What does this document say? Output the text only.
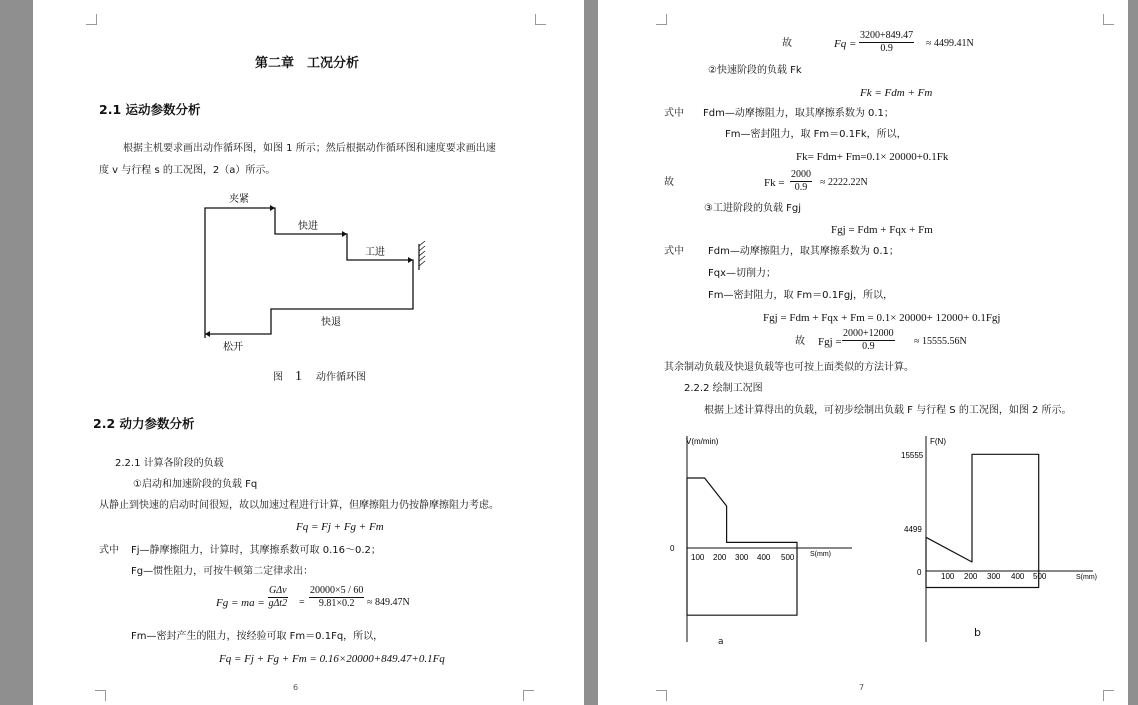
第二章　工况分析
2.1 运动参数分析
根据主机要求画出动作循环图，如图 1 所示；然后根据动作循环图和速度要求画出速
度 v 与行程 s 的工况图，2（a）所示。
夹紧
快进
工进
快退
松开
图 1 动作循环图
2.2 动力参数分析
2.2.1 计算各阶段的负载
①启动和加速阶段的负载 Fq
从静止到快速的启动时间很短，故以加速过程进行计算，但摩擦阻力仍按静摩擦阻力考虑。
Fq = Fj + Fg + Fm
式中 Fj—静摩擦阻力，计算时，其摩擦系数可取 0.16～0.2；
Fg—惯性阻力，可按牛顿第二定律求出：
Fg = ma =
GΔv
$g\Delta t2 = \frac{20000\times 5 / 60}{9.81\times 0.2} \approx 849.47N$
Fm—密封产生的阻力，按经验可取 Fm＝0.1Fq，所以，
Fq = Fj + Fg + Fm = 0.16×20000+849.47+0.1Fq
6
故	$Fq = \frac{3200+849.47}{0.9} \approx 4499.41N$
②快速阶段的负载 Fk
Fk = Fdm + Fm
式中 Fdm—动摩擦阻力，取其摩擦系数为 0.1；
Fm—密封阻力，取 Fm＝0.1Fk，所以，
Fk= Fdm+ Fm=0.1× 20000+0.1Fk
故	$Fk = \frac{2000}{0.9} \approx 2222.22N$
③工进阶段的负载 Fgj
Fgj = Fdm + Fqx + Fm
式中 Fdm—动摩擦阻力，取其摩擦系数为 0.1；
Fqx—切削力；
Fm—密封阻力，取 Fm＝0.1Fgj，所以，
Fgj = Fdm + Fqx + Fm = 0.1× 20000+ 12000+ 0.1Fgj
故 Fgj = $\frac{2000+12000}{0.9} \approx 15555.56N$
其余制动负载及快退负载等也可按上面类似的方法计算。
2.2.2 绘制工况图
根据上述计算得出的负载，可初步绘制出负载 F 与行程 S 的工况图，如图 2 所示。
V(m/min)
S(mm)
0
100 200 300 400 500
a
F(N)
S(mm)
0
15555
4499
100 200 300 400 500
b
7
